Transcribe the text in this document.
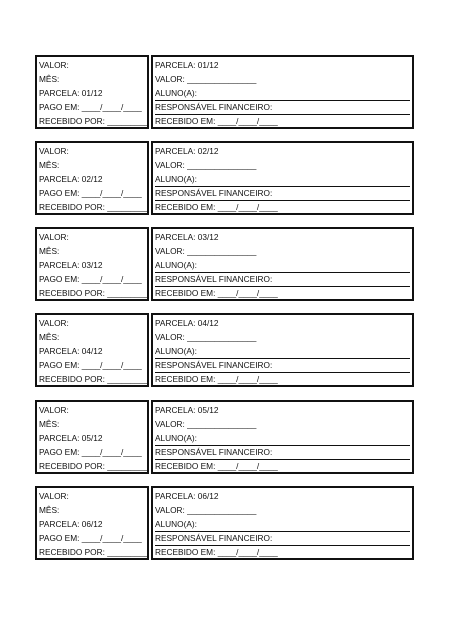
VALOR:
MÊS:
PARCELA: 01/12
PAGO EM: ____/____/____
RECEBIDO POR: _________
PARCELA: 01/12
VALOR: _______________
ALUNO(A):
RESPONSÁVEL FINANCEIRO:
RECEBIDO EM: ____/____/____
VALOR:
MÊS:
PARCELA: 02/12
PAGO EM: ____/____/____
RECEBIDO POR: _________
PARCELA: 02/12
VALOR: _______________
ALUNO(A):
RESPONSÁVEL FINANCEIRO:
RECEBIDO EM: ____/____/____
VALOR:
MÊS:
PARCELA: 03/12
PAGO EM: ____/____/____
RECEBIDO POR: _________
PARCELA: 03/12
VALOR: _______________
ALUNO(A):
RESPONSÁVEL FINANCEIRO:
RECEBIDO EM: ____/____/____
VALOR:
MÊS:
PARCELA: 04/12
PAGO EM: ____/____/____
RECEBIDO POR: _________
PARCELA: 04/12
VALOR: _______________
ALUNO(A):
RESPONSÁVEL FINANCEIRO:
RECEBIDO EM: ____/____/____
VALOR:
MÊS:
PARCELA: 05/12
PAGO EM: ____/____/____
RECEBIDO POR: _________
PARCELA: 05/12
VALOR: _______________
ALUNO(A):
RESPONSÁVEL FINANCEIRO:
RECEBIDO EM: ____/____/____
VALOR:
MÊS:
PARCELA: 06/12
PAGO EM: ____/____/____
RECEBIDO POR: _________
PARCELA: 06/12
VALOR: _______________
ALUNO(A):
RESPONSÁVEL FINANCEIRO:
RECEBIDO EM: ____/____/____
